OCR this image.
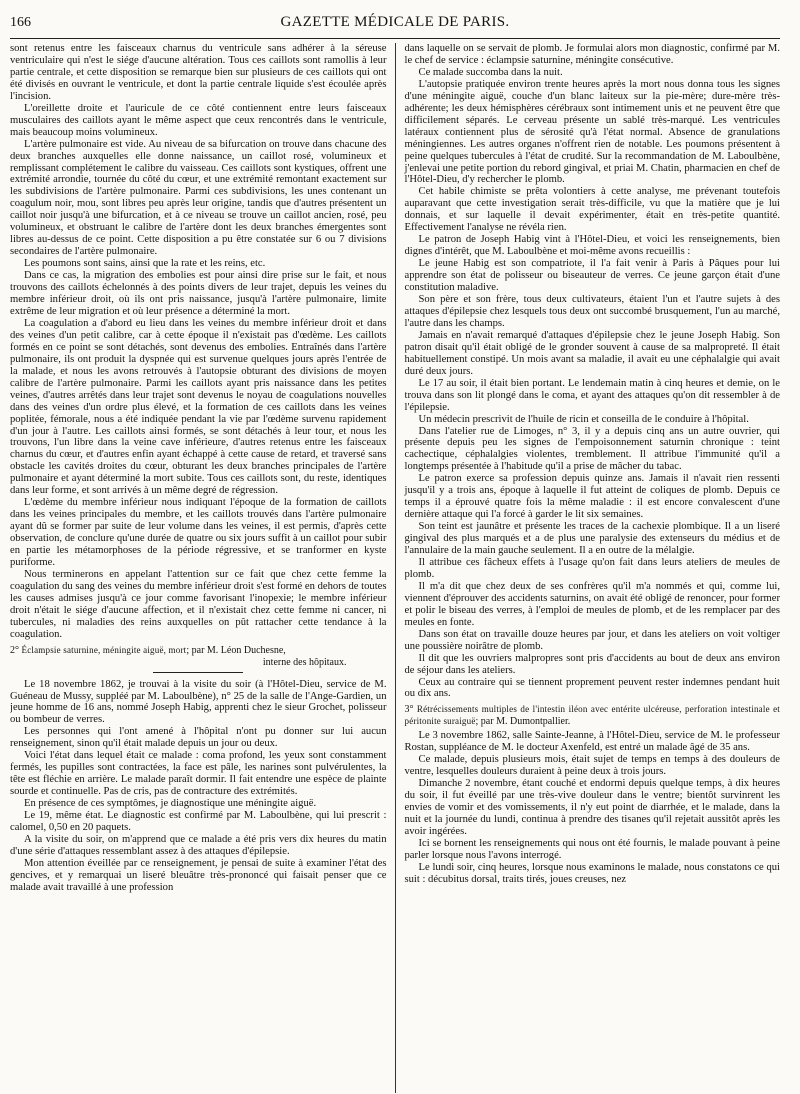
166	GAZETTE MÉDICALE DE PARIS.

sont retenus entre les faisceaux charnus du ventricule sans adhérer à la séreuse ventriculaire qui n'est le siége d'aucune altération. Tous ces caillots sont ramollis à leur partie centrale, et cette disposition se remarque bien sur plusieurs de ces caillots qui ont été divisés en ouvrant le ventricule, et dont la partie centrale liquide s'est écoulée après l'incision.

L'oreillette droite et l'auricule de ce côté contiennent entre leurs faisceaux musculaires des caillots ayant le même aspect que ceux rencontrés dans le ventricule, mais beaucoup moins volumineux.

L'artère pulmonaire est vide. Au niveau de sa bifurcation on trouve dans chacune des deux branches auxquelles elle donne naissance, un caillot rosé, volumineux et remplissant complétement le calibre du vaisseau. Ces caillots sont kystiques, offrent une extrémité arrondie, tournée du côté du cœur, et une extrémité remontant exactement sur les subdivisions de l'artère pulmonaire. Parmi ces subdivisions, les unes contenant un coagulum noir, mou, sont libres peu après leur origine, tandis que d'autres présentent un caillot noir jusqu'à une bifurcation, et à ce niveau se trouve un caillot ancien, rosé, peu volumineux, et obstruant le calibre de l'artère dont les deux branches émergentes sont libres au-dessus de ce point. Cette disposition a pu être constatée sur 6 ou 7 divisions secondaires de l'artère pulmonaire.

Les poumons sont sains, ainsi que la rate et les reins, etc.

Dans ce cas, la migration des embolies est pour ainsi dire prise sur le fait, et nous trouvons des caillots échelonnés à des points divers de leur trajet, depuis les veines du membre inférieur droit, où ils ont pris naissance, jusqu'à l'artère pulmonaire, limite extrême de leur migration et où leur présence a déterminé la mort.

La coagulation a d'abord eu lieu dans les veines du membre inférieur droit et dans des veines d'un petit calibre, car à cette époque il n'existait pas d'œdème. Les caillots formés en ce point se sont détachés, sont devenus des embolies. Entraînés dans l'artère pulmonaire, ils ont produit la dyspnée qui est survenue quelques jours après l'entrée de la malade, et nous les avons retrouvés à l'autopsie obturant des divisions de moyen calibre de l'artère pulmonaire. Parmi les caillots ayant pris naissance dans les petites veines, d'autres arrêtés dans leur trajet sont devenus le noyau de coagulations nouvelles dans des veines d'un ordre plus élevé, et la formation de ces caillots dans les veines poplitée, fémorale, nous a été indiquée pendant la vie par l'œdème survenu rapidement d'un jour à l'autre. Les caillots ainsi formés, se sont détachés à leur tour, et nous les trouvons, l'un libre dans la veine cave inférieure, d'autres retenus entre les faisceaux charnus du cœur, et d'autres enfin ayant échappé à cette cause de retard, et traversé sans obstacle les cavités droites du cœur, obturant les deux branches principales de l'artère pulmonaire et ayant déterminé la mort subite. Tous ces caillots sont, du reste, identiques dans leur forme, et sont arrivés à un même degré de régression.

L'œdème du membre inférieur nous indiquant l'époque de la formation de caillots dans les veines principales du membre, et les caillots trouvés dans l'artère pulmonaire ayant dû se former par suite de leur volume dans les veines, il est permis, d'après cette observation, de conclure qu'une durée de quatre ou six jours suffit à un caillot pour subir en partie les métamorphoses de la période régressive, et se tranformer en kyste puriforme.

Nous terminerons en appelant l'attention sur ce fait que chez cette femme la coagulation du sang des veines du membre inférieur droit s'est formé en dehors de toutes les causes admises jusqu'à ce jour comme favorisant l'inopexie; le membre inférieur droit n'était le siége d'aucune affection, et il n'existait chez cette femme ni cancer, ni tubercules, ni maladies des reins auxquelles on pût rattacher cette tendance à la coagulation.

2° Éclampsie saturnine, méningite aiguë, mort; par M. Léon Duchesne,
interne des hôpitaux.

Le 18 novembre 1862, je trouvai à la visite du soir (à l'Hôtel-Dieu, service de M. Guéneau de Mussy, suppléé par M. Laboulbène), n° 25 de la salle de l'Ange-Gardien, un jeune homme de 16 ans, nommé Joseph Habig, apprenti chez le sieur Grochet, polisseur ou bombeur de verres.

Les personnes qui l'ont amené à l'hôpital n'ont pu donner sur lui aucun renseignement, sinon qu'il était malade depuis un jour ou deux.

Voici l'état dans lequel était ce malade : coma profond, les yeux sont constamment fermés, les pupilles sont contractées, la face est pâle, les narines sont pulvérulentes, la tête est fléchie en arrière. Le malade paraît dormir. Il fait entendre une espèce de plainte sourde et continuelle. Pas de cris, pas de contracture des extrémités.

En présence de ces symptômes, je diagnostique une méningite aiguë.

Le 19, même état. Le diagnostic est confirmé par M. Laboulbène, qui lui prescrit : calomel, 0,50 en 20 paquets.

A la visite du soir, on m'apprend que ce malade a été pris vers dix heures du matin d'une série d'attaques ressemblant assez à des attaques d'épilepsie.

Mon attention éveillée par ce renseignement, je pensai de suite à examiner l'état des gencives, et y remarquai un liseré bleuâtre très-prononcé qui faisait penser que ce malade avait travaillé à une profession

dans laquelle on se servait de plomb. Je formulai alors mon diagnostic, confirmé par M. le chef de service : éclampsie saturnine, méningite consécutive.

Ce malade succomba dans la nuit.

L'autopsie pratiquée environ trente heures après la mort nous donna tous les signes d'une méningite aiguë, couche d'un blanc laiteux sur la pie-mère; dure-mère très-adhérente; les deux hémisphères cérébraux sont intimement unis et ne peuvent être que difficilement séparés. Le cerveau présente un sablé très-marqué. Les ventricules latéraux contiennent plus de sérosité qu'à l'état normal. Absence de granulations méningiennes. Les autres organes n'offrent rien de notable. Les poumons présentent à peine quelques tubercules à l'état de crudité. Sur la recommandation de M. Laboulbène, j'enlevai une petite portion du rebord gingival, et priai M. Chatin, pharmacien en chef de l'Hôtel-Dieu, d'y rechercher le plomb.

Cet habile chimiste se prêta volontiers à cette analyse, me prévenant toutefois auparavant que cette investigation serait très-difficile, vu que la matière que je lui donnais, et sur laquelle il devait expérimenter, était en très-petite quantité. Effectivement l'analyse ne révéla rien.

Le patron de Joseph Habig vint à l'Hôtel-Dieu, et voici les renseignements, bien dignes d'intérêt, que M. Laboulbène et moi-même avons recueillis :

Le jeune Habig est son compatriote, il l'a fait venir à Paris à Pâques pour lui apprendre son état de polisseur ou biseauteur de verres. Ce jeune garçon était d'une constitution maladive.

Son père et son frère, tous deux cultivateurs, étaient l'un et l'autre sujets à des attaques d'épilepsie chez lesquels tous deux ont succombé brusquement, l'un au marché, l'autre dans les champs.

Jamais en n'avait remarqué d'attaques d'épilepsie chez le jeune Joseph Habig. Son patron disait qu'il était obligé de le gronder souvent à cause de sa malpropreté. Il était habituellement constipé. Un mois avant sa maladie, il avait eu une céphalalgie qui avait duré deux jours.

Le 17 au soir, il était bien portant. Le lendemain matin à cinq heures et demie, on le trouva dans son lit plongé dans le coma, et ayant des attaques qu'on dit ressembler à de l'épilepsie.

Un médecin prescrivit de l'huile de ricin et conseilla de le conduire à l'hôpital.

Dans l'atelier rue de Limoges, n° 3, il y a depuis cinq ans un autre ouvrier, qui présente depuis peu les signes de l'empoisonnement saturnin chronique : teint cachectique, céphalalgies violentes, tremblement. Il attribue l'immunité qu'il a longtemps présentée à l'habitude qu'il a prise de mâcher du tabac.

Le patron exerce sa profession depuis quinze ans. Jamais il n'avait rien ressenti jusqu'il y a trois ans, époque à laquelle il fut atteint de coliques de plomb. Depuis ce temps il a éprouvé quatre fois la même maladie : il est encore convalescent d'une dernière attaque qui l'a forcé à garder le lit six semaines.

Son teint est jaunâtre et présente les traces de la cachexie plombique. Il a un liseré gingival des plus marqués et a de plus une paralysie des extenseurs du médius et de l'annulaire de la main gauche seulement. Il a en outre de la mélalgie.

Il attribue ces fâcheux effets à l'usage qu'on fait dans leurs ateliers de meules de plomb.

Il m'a dit que chez deux de ses confrères qu'il m'a nommés et qui, comme lui, viennent d'éprouver des accidents saturnins, on avait été obligé de renoncer, pour former et polir le biseau des verres, à l'emploi de meules de plomb, et de les remplacer par des meules en fonte.

Dans son état on travaille douze heures par jour, et dans les ateliers on voit voltiger une poussière noirâtre de plomb.

Il dit que les ouvriers malpropres sont pris d'accidents au bout de deux ans environ de séjour dans les ateliers.

Ceux au contraire qui se tiennent proprement peuvent rester indemnes pendant huit ou dix ans.

3° Rétrécissements multiples de l'intestin iléon avec entérite ulcéreuse, perforation intestinale et péritonite suraiguë; par M. Dumontpallier.

Le 3 novembre 1862, salle Sainte-Jeanne, à l'Hôtel-Dieu, service de M. le professeur Rostan, suppléance de M. le docteur Axenfeld, est entré un malade âgé de 35 ans.

Ce malade, depuis plusieurs mois, était sujet de temps en temps à des douleurs de ventre, lesquelles douleurs duraient à peine deux à trois jours.

Dimanche 2 novembre, étant couché et endormi depuis quelque temps, à dix heures du soir, il fut éveillé par une très-vive douleur dans le ventre; bientôt survinrent les envies de vomir et des vomissements, il n'y eut point de diarrhée, et le malade, dans la nuit et la journée du lundi, continua à prendre des tisanes qu'il rejetait aussitôt après les avoir ingérées.

Ici se bornent les renseignements qui nous ont été fournis, le malade pouvant à peine parler lorsque nous l'avons interrogé.

Le lundi soir, cinq heures, lorsque nous examinons le malade, nous constatons ce qui suit : décubitus dorsal, traits tirés, joues creuses, nez
